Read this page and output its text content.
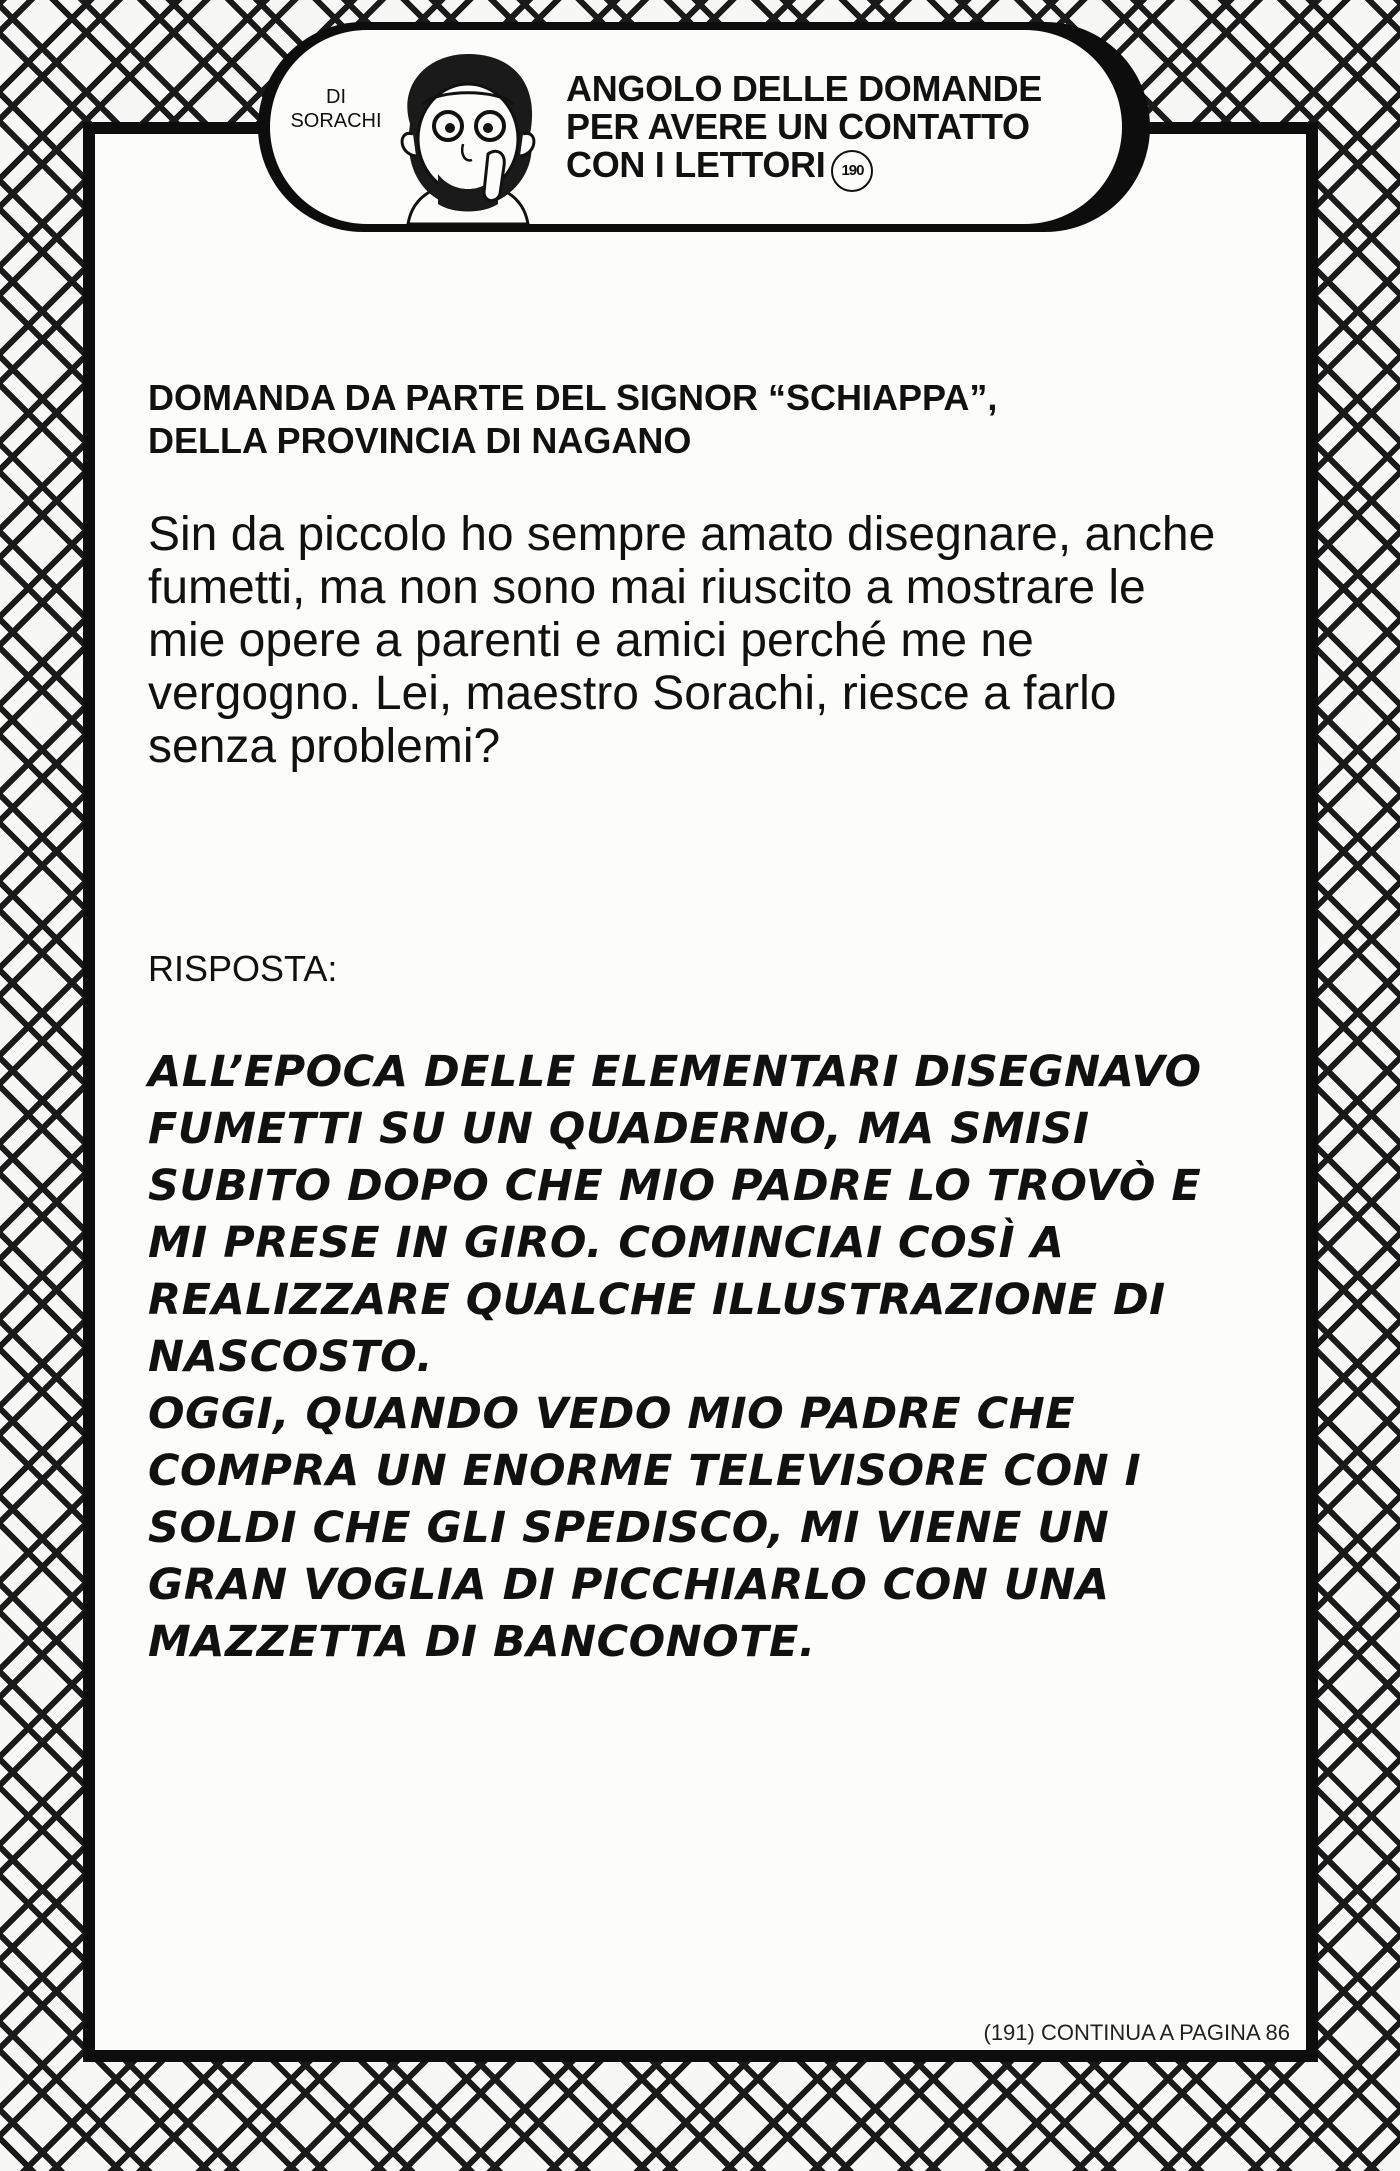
DI
SORACHI
ANGOLO DELLE DOMANDE
PER AVERE UN CONTATTO
CON I LETTORI 190
DOMANDA DA PARTE DEL SIGNOR “SCHIAPPA”,
DELLA PROVINCIA DI NAGANO
Sin da piccolo ho sempre amato disegnare, anche fumetti, ma non sono mai riuscito a mostrare le mie opere a parenti e amici perché me ne vergogno. Lei, maestro Sorachi, riesce a farlo senza problemi?
RISPOSTA:
ALL’EPOCA DELLE ELEMENTARI DISEGNAVO FUMETTI SU UN QUADERNO, MA SMISI SUBITO DOPO CHE MIO PADRE LO TROVÒ E MI PRESE IN GIRO. COMINCIAI COSÌ A REALIZZARE QUALCHE ILLUSTRAZIONE DI NASCOSTO.
OGGI, QUANDO VEDO MIO PADRE CHE COMPRA UN ENORME TELEVISORE CON I SOLDI CHE GLI SPEDISCO, MI VIENE UN GRAN VOGLIA DI PICCHIARLO CON UNA MAZZETTA DI BANCONOTE.
(191) CONTINUA A PAGINA 86
